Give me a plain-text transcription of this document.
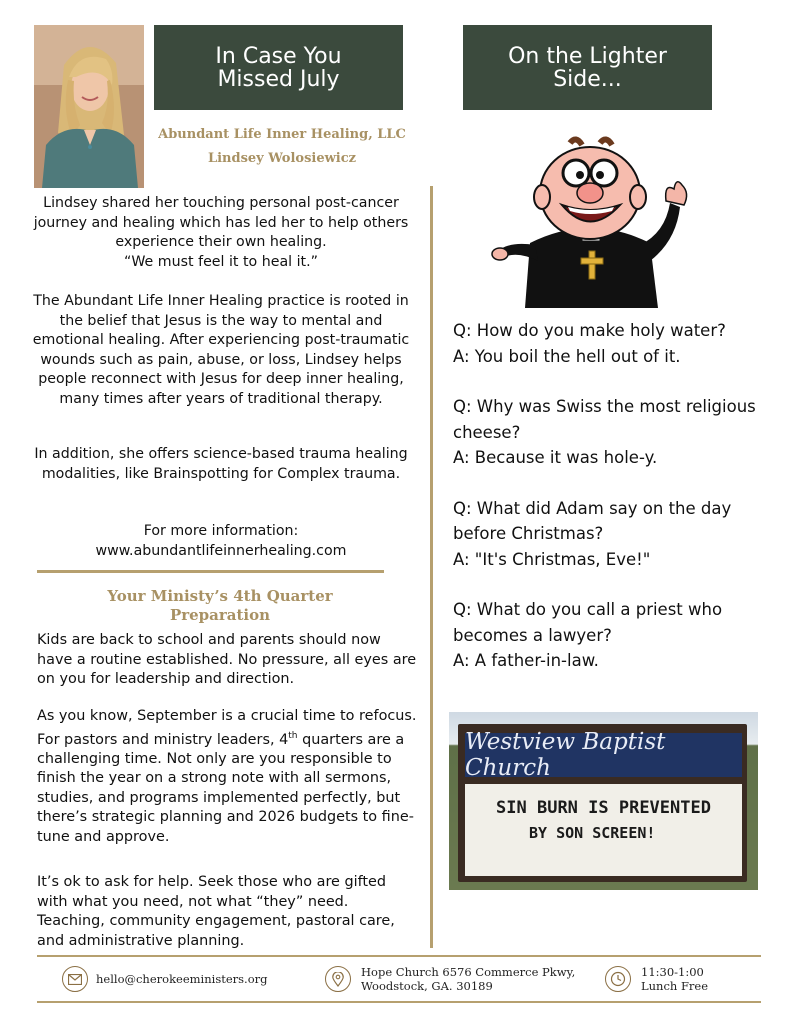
In Case You
Missed July
On the Lighter
Side...
Abundant Life Inner Healing, LLC
Lindsey Wolosiewicz
Lindsey shared her touching personal post-cancer journey and healing which has led her to help others experience their own healing.
“We must feel it to heal it.”
The Abundant Life Inner Healing practice is rooted in the belief that Jesus is the way to mental and emotional healing. After experiencing post-traumatic wounds such as pain, abuse, or loss, Lindsey helps people reconnect with Jesus for deep inner healing, many times after years of traditional therapy.
In addition, she offers science-based trauma healing modalities, like Brainspotting for Complex trauma.
For more information:
www.abundantlifeinnerhealing.com
Your Ministy’s 4th Quarter
Preparation
Kids are back to school and parents should now have a routine established. No pressure, all eyes are on you for leadership and direction.
As you know, September is a crucial time to refocus. For pastors and ministry leaders, 4th quarters are a challenging time. Not only are you responsible to finish the year on a strong note with all sermons, studies, and programs implemented perfectly, but there’s strategic planning and 2026 budgets to fine-tune and approve.
It’s ok to ask for help. Seek those who are gifted with what you need, not what “they” need. Teaching, community engagement, pastoral care, and administrative planning.

Q: How do you make holy water?

A: You boil the hell out of it.

Q: Why was Swiss the most religious cheese?

A: Because it was hole-y.

Q: What did Adam say on the day before Christmas?

A: "It's Christmas, Eve!"

Q: What do you call a priest who becomes a lawyer?

A: A father-in-law.

Westview Baptist Church
SIN BURN IS PREVENTED
BY SON SCREEN!
hello@cherokeeministers.org	Hope Church 6576 Commerce Pkwy,
Woodstock, GA. 30189
11:30-1:00
Lunch Free
